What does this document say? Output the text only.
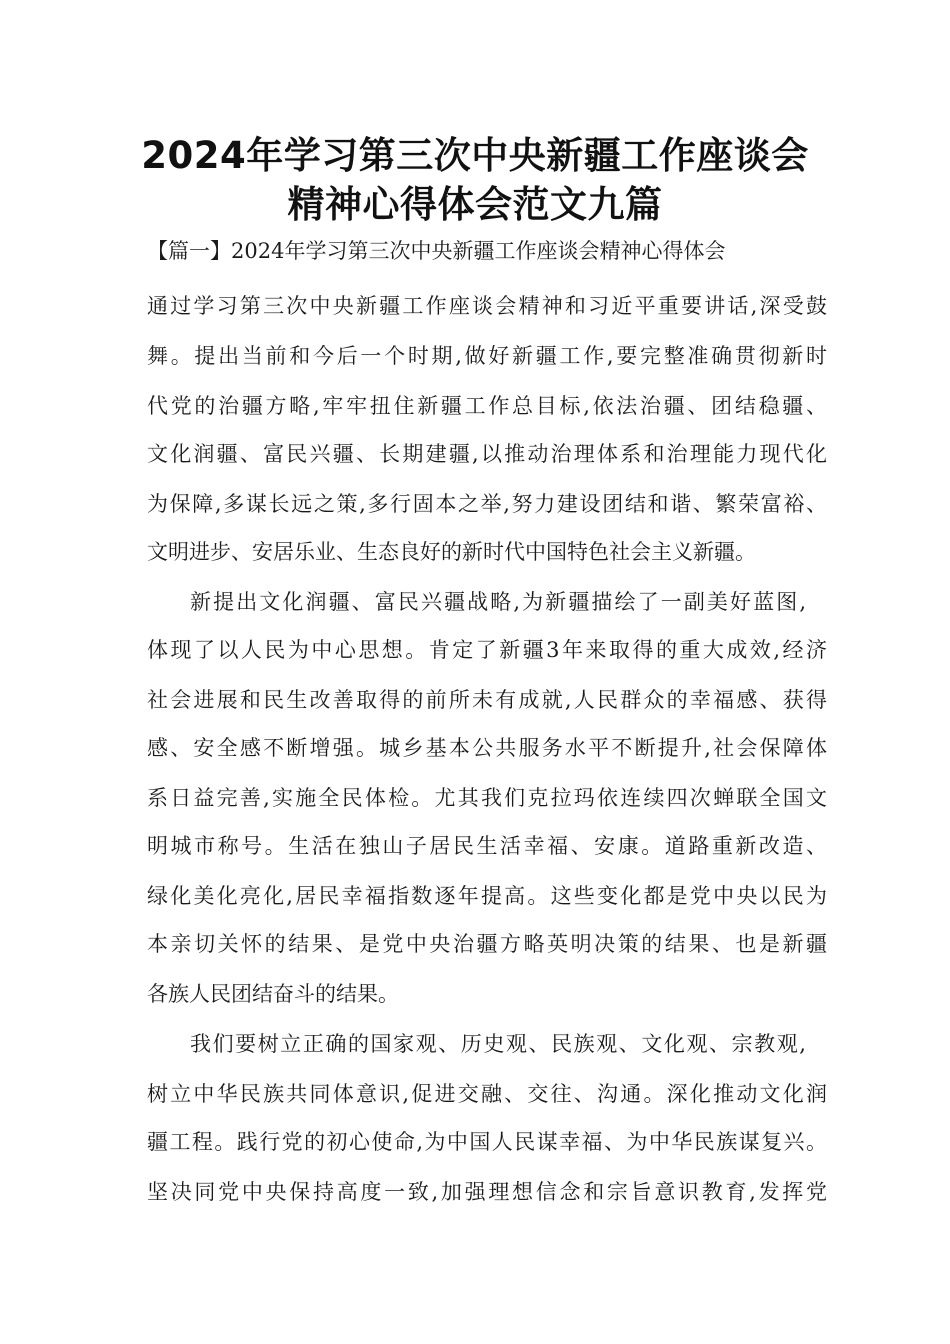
2024年学习第三次中央新疆工作座谈会
精神心得体会范文九篇
【篇一】2024年学习第三次中央新疆工作座谈会精神心得体会
通过学习第三次中央新疆工作座谈会精神和习近平重要讲话,深受鼓
舞。提出当前和今后一个时期,做好新疆工作,要完整准确贯彻新时
代党的治疆方略,牢牢扭住新疆工作总目标,依法治疆、团结稳疆、
文化润疆、富民兴疆、长期建疆,以推动治理体系和治理能力现代化
为保障,多谋长远之策,多行固本之举,努力建设团结和谐、繁荣富裕、
文明进步、安居乐业、生态良好的新时代中国特色社会主义新疆。
新提出文化润疆、富民兴疆战略,为新疆描绘了一副美好蓝图,
体现了以人民为中心思想。肯定了新疆3年来取得的重大成效,经济
社会进展和民生改善取得的前所未有成就,人民群众的幸福感、获得
感、安全感不断增强。城乡基本公共服务水平不断提升,社会保障体
系日益完善,实施全民体检。尤其我们克拉玛依连续四次蝉联全国文
明城市称号。生活在独山子居民生活幸福、安康。道路重新改造、
绿化美化亮化,居民幸福指数逐年提高。这些变化都是党中央以民为
本亲切关怀的结果、是党中央治疆方略英明决策的结果、也是新疆
各族人民团结奋斗的结果。
我们要树立正确的国家观、历史观、民族观、文化观、宗教观,
树立中华民族共同体意识,促进交融、交往、沟通。深化推动文化润
疆工程。践行党的初心使命,为中国人民谋幸福、为中华民族谋复兴。
坚决同党中央保持高度一致,加强理想信念和宗旨意识教育,发挥党
